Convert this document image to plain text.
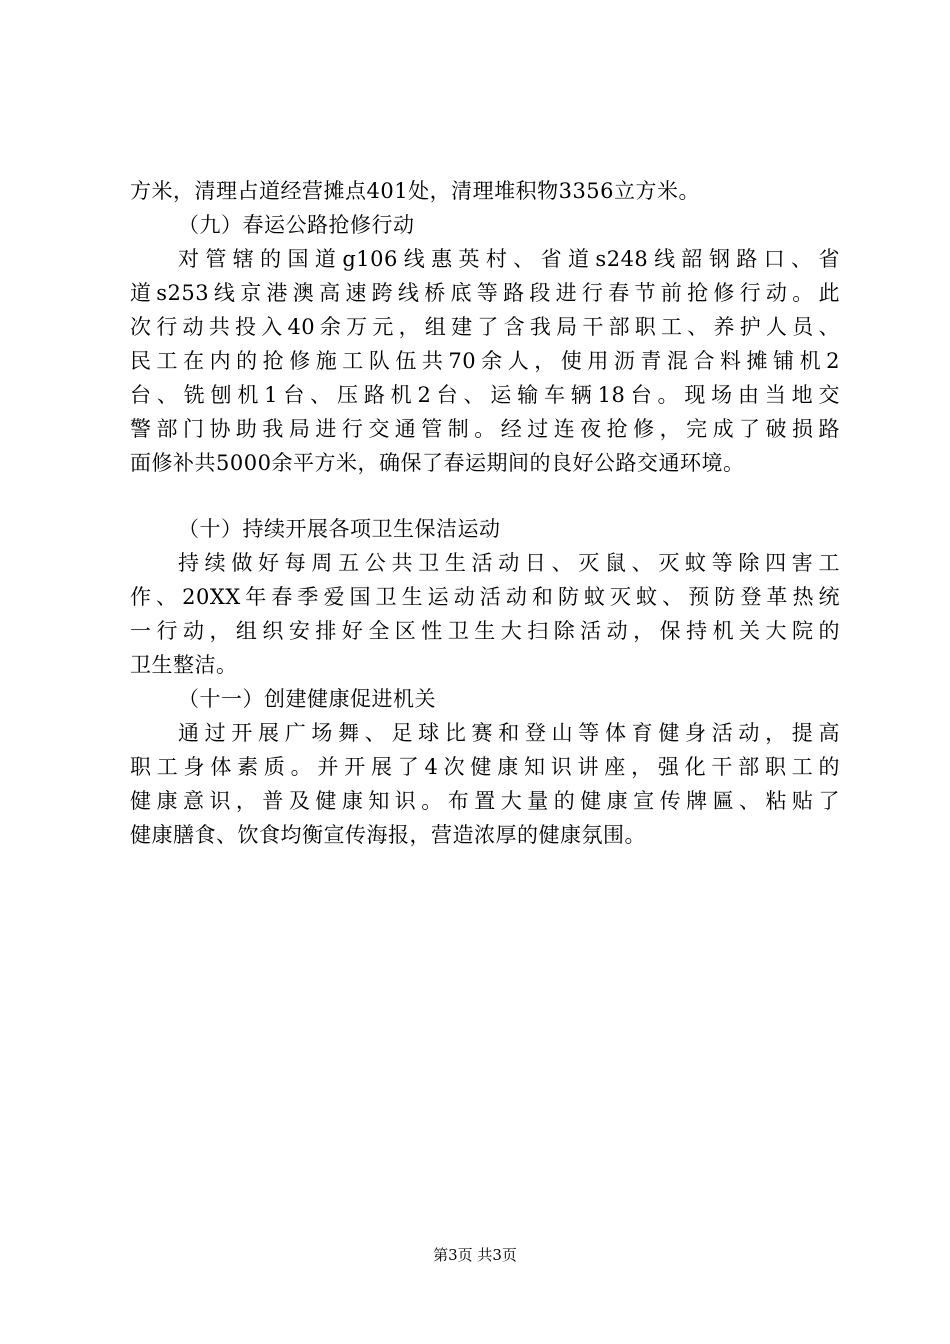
方米，清理占道经营摊点401处，清理堆积物3356立方米。
（九）春运公路抢修行动
对管辖的国道g106线惠英村、省道s248线韶钢路口、省
道s253线京港澳高速跨线桥底等路段进行春节前抢修行动。此
次行动共投入40余万元，组建了含我局干部职工、养护人员、
民工在内的抢修施工队伍共70余人，使用沥青混合料摊铺机2
台、铣刨机1台、压路机2台、运输车辆18台。现场由当地交
警部门协助我局进行交通管制。经过连夜抢修，完成了破损路
面修补共5000余平方米，确保了春运期间的良好公路交通环境。
（十）持续开展各项卫生保洁运动
持续做好每周五公共卫生活动日、灭鼠、灭蚊等除四害工
作、20XX年春季爱国卫生运动活动和防蚊灭蚊、预防登革热统
一行动，组织安排好全区性卫生大扫除活动，保持机关大院的
卫生整洁。
（十一）创建健康促进机关
通过开展广场舞、足球比赛和登山等体育健身活动，提高
职工身体素质。并开展了4次健康知识讲座，强化干部职工的
健康意识，普及健康知识。布置大量的健康宣传牌匾、粘贴了
健康膳食、饮食均衡宣传海报，营造浓厚的健康氛围。
第3页 共3页
